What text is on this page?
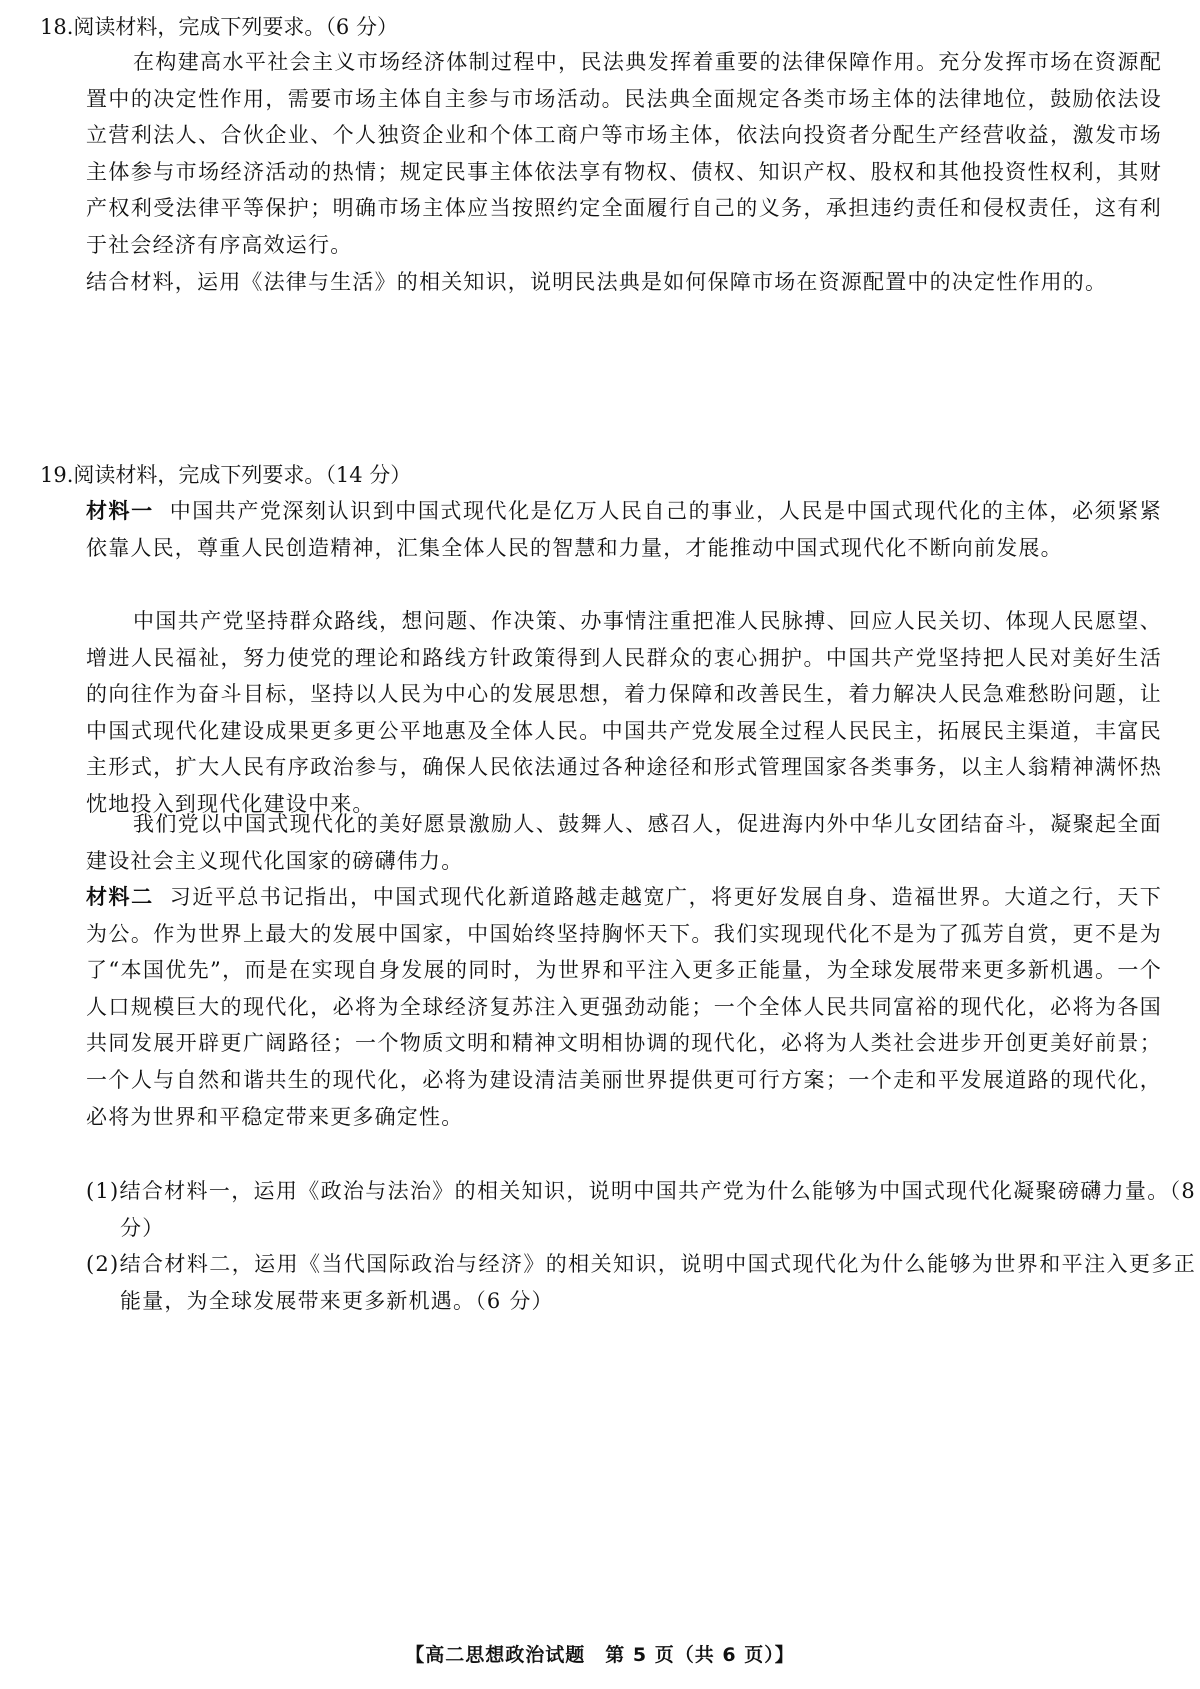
18.阅读材料，完成下列要求。（6 分）

在构建高水平社会主义市场经济体制过程中，民法典发挥着重要的法律保障作用。充分发挥市场在资源配置中的决定性作用，需要市场主体自主参与市场活动。民法典全面规定各类市场主体的法律地位，鼓励依法设立营利法人、合伙企业、个人独资企业和个体工商户等市场主体，依法向投资者分配生产经营收益，激发市场主体参与市场经济活动的热情；规定民事主体依法享有物权、债权、知识产权、股权和其他投资性权利，其财产权利受法律平等保护；明确市场主体应当按照约定全面履行自己的义务，承担违约责任和侵权责任，这有利于社会经济有序高效运行。

结合材料，运用《法律与生活》的相关知识，说明民法典是如何保障市场在资源配置中的决定性作用的。

19.阅读材料，完成下列要求。（14 分）

材料一 中国共产党深刻认识到中国式现代化是亿万人民自己的事业，人民是中国式现代化的主体，必须紧紧依靠人民，尊重人民创造精神，汇集全体人民的智慧和力量，才能推动中国式现代化不断向前发展。

中国共产党坚持群众路线，想问题、作决策、办事情注重把准人民脉搏、回应人民关切、体现人民愿望、增进人民福祉，努力使党的理论和路线方针政策得到人民群众的衷心拥护。中国共产党坚持把人民对美好生活的向往作为奋斗目标，坚持以人民为中心的发展思想，着力保障和改善民生，着力解决人民急难愁盼问题，让中国式现代化建设成果更多更公平地惠及全体人民。中国共产党发展全过程人民民主，拓展民主渠道，丰富民主形式，扩大人民有序政治参与，确保人民依法通过各种途径和形式管理国家各类事务，以主人翁精神满怀热忱地投入到现代化建设中来。

我们党以中国式现代化的美好愿景激励人、鼓舞人、感召人，促进海内外中华儿女团结奋斗，凝聚起全面建设社会主义现代化国家的磅礴伟力。

材料二 习近平总书记指出，中国式现代化新道路越走越宽广，将更好发展自身、造福世界。大道之行，天下为公。作为世界上最大的发展中国家，中国始终坚持胸怀天下。我们实现现代化不是为了孤芳自赏，更不是为了“本国优先”，而是在实现自身发展的同时，为世界和平注入更多正能量，为全球发展带来更多新机遇。一个人口规模巨大的现代化，必将为全球经济复苏注入更强劲动能；一个全体人民共同富裕的现代化，必将为各国共同发展开辟更广阔路径；一个物质文明和精神文明相协调的现代化，必将为人类社会进步开创更美好前景；一个人与自然和谐共生的现代化，必将为建设清洁美丽世界提供更可行方案；一个走和平发展道路的现代化，必将为世界和平稳定带来更多确定性。

(1)结合材料一，运用《政治与法治》的相关知识，说明中国共产党为什么能够为中国式现代化凝聚磅礴力量。（8 分）

(2)结合材料二，运用《当代国际政治与经济》的相关知识，说明中国式现代化为什么能够为世界和平注入更多正能量，为全球发展带来更多新机遇。（6 分）

【高二思想政治试题　第 5 页（共 6 页）】
